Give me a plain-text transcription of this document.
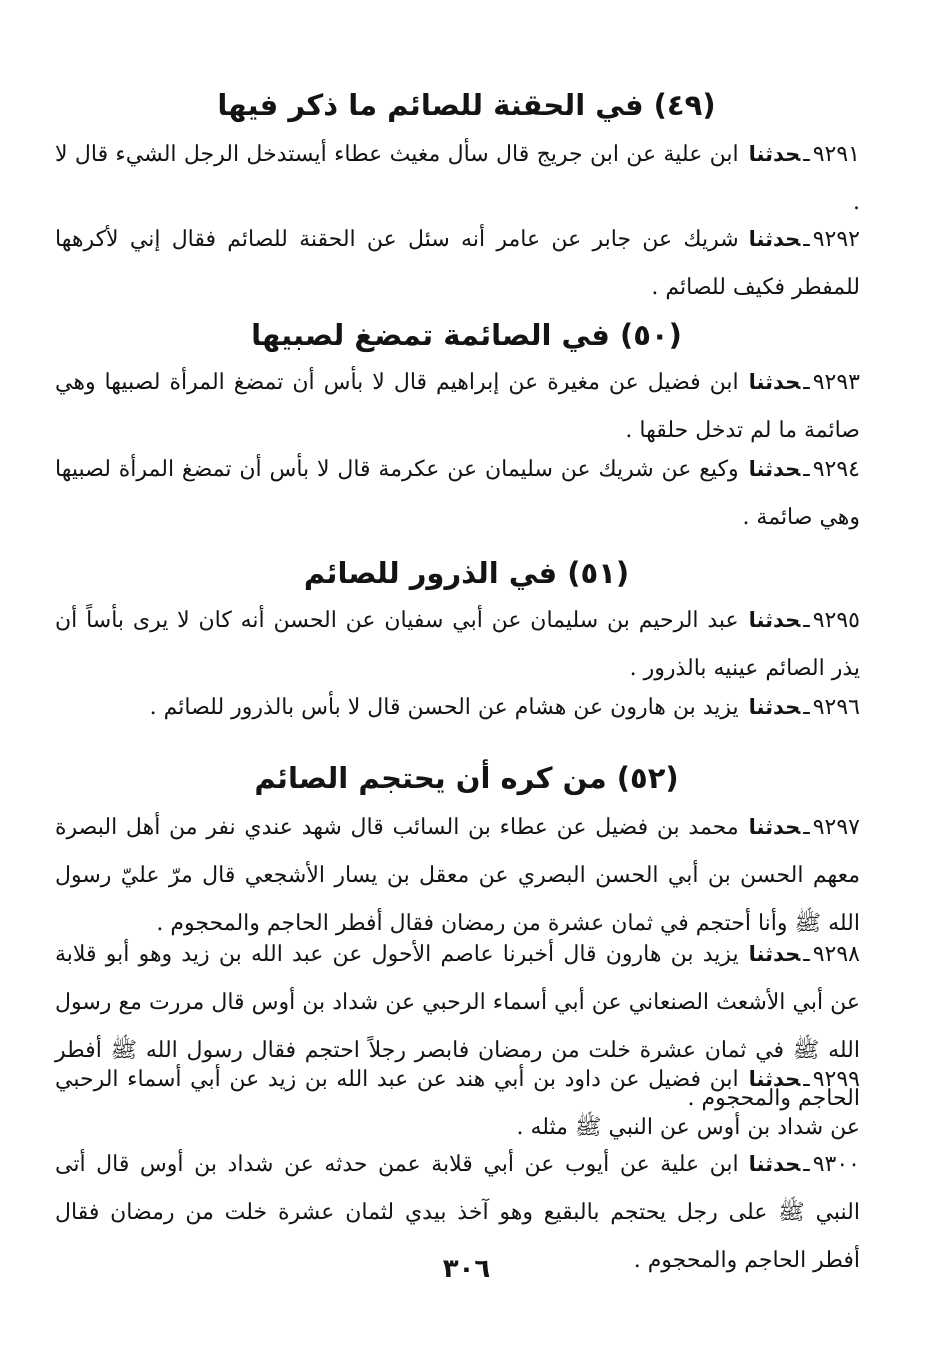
(٤٩) في الحقنة للصائم ما ذكر فيها
٩٢٩١ـحدثناابن علية عن ابن جريج قال سأل مغيث عطاء أيستدخل الرجل الشيء قال لا .
٩٢٩٢ـحدثناشريك عن جابر عن عامر أنه سئل عن الحقنة للصائم فقال إني لأكرهها للمفطر فكيف للصائم .
(٥٠) في الصائمة تمضغ لصبيها
٩٢٩٣ـحدثناابن فضيل عن مغيرة عن إبراهيم قال لا بأس أن تمضغ المرأة لصبيها وهي صائمة ما لم تدخل حلقها .
٩٢٩٤ـحدثناوكيع عن شريك عن سليمان عن عكرمة قال لا بأس أن تمضغ المرأة لصبيها وهي صائمة .
(٥١) في الذرور للصائم
٩٢٩٥ـحدثناعبد الرحيم بن سليمان عن أبي سفيان عن الحسن أنه كان لا يرى بأساً أن يذر الصائم عينيه بالذرور .
٩٢٩٦ـحدثنايزيد بن هارون عن هشام عن الحسن قال لا بأس بالذرور للصائم .
(٥٢) من كره أن يحتجم الصائم
٩٢٩٧ـحدثنامحمد بن فضيل عن عطاء بن السائب قال شهد عندي نفر من أهل البصرة معهم الحسن بن أبي الحسن البصري عن معقل بن يسار الأشجعي قال مرّ عليّ رسول الله ﷺ وأنا أحتجم في ثمان عشرة من رمضان فقال أفطر الحاجم والمحجوم .
٩٢٩٨ـحدثنايزيد بن هارون قال أخبرنا عاصم الأحول عن عبد الله بن زيد وهو أبو قلابة عن أبي الأشعث الصنعاني عن أبي أسماء الرحبي عن شداد بن أوس قال مررت مع رسول الله ﷺ في ثمان عشرة خلت من رمضان فابصر رجلاً احتجم فقال رسول الله ﷺ أفطر الحاجم والمحجوم .
٩٢٩٩ـحدثناابن فضيل عن داود بن أبي هند عن عبد الله بن زيد عن أبي أسماء الرحبي عن شداد بن أوس عن النبي ﷺ مثله .
٩٣٠٠ـحدثناابن علية عن أيوب عن أبي قلابة عمن حدثه عن شداد بن أوس قال أتى النبي ﷺ على رجل يحتجم بالبقيع وهو آخذ بيدي لثمان عشرة خلت من رمضان فقال أفطر الحاجم والمحجوم .
٣٠٦
